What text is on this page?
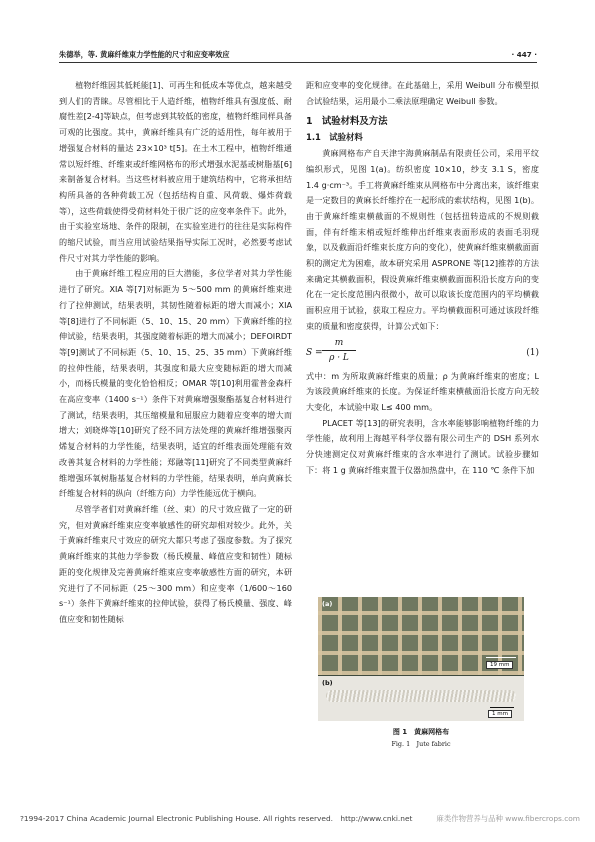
朱德举，等. 黄麻纤维束力学性能的尺寸和应变率效应	· 447 ·

植物纤维因其低耗能[1]、可再生和低成本等优点，越来越受到人们的青睐。尽管相比于人造纤维，植物纤维具有强度低、耐腐性差[2-4]等缺点，但考虑到其较低的密度，植物纤维同样具备可观的比强度。其中，黄麻纤维具有广泛的适用性，每年被用于增强复合材料的量达 23×10³ t[5]。在土木工程中，植物纤维通常以短纤维、纤维束或纤维网格布的形式增强水泥基或树脂基[6]来制备复合材料。当这些材料被应用于建筑结构中，它将承担结构所具备的各种荷载工况（包括结构自重、风荷载、爆炸荷载等），这些荷载使得受荷材料处于很广泛的应变率条件下。此外，由于实验室场地、条件的限制，在实验室进行的往往是实际构件的缩尺试验，而当应用试验结果指导实际工况时，必然要考虑试件尺寸对其力学性能的影响。

由于黄麻纤维工程应用的巨大潜能，多位学者对其力学性能进行了研究。XIA 等[7]对标距为 5～500 mm 的黄麻纤维束进行了拉伸测试，结果表明，其韧性随着标距的增大而减小；XIA 等[8]进行了不同标距（5、10、15、20 mm）下黄麻纤维的拉伸试验，结果表明，其强度随着标距的增大而减小；DEFOIRDT 等[9]测试了不同标距（5、10、15、25、35 mm）下黄麻纤维的拉伸性能，结果表明，其强度和最大应变随标距的增大而减小，而杨氏模量的变化恰恰相反；OMAR 等[10]利用霍普金森杆在高应变率（1400 s⁻¹）条件下对黄麻增强聚酯基复合材料进行了测试，结果表明，其压缩模量和屈服应力随着应变率的增大而增大；刘晓烨等[10]研究了经不同方法处理的黄麻纤维增强聚丙烯复合材料的力学性能，结果表明，适宜的纤维表面处理能有效改善其复合材料的力学性能；郑融等[11]研究了不同类型黄麻纤维增强环氧树脂基复合材料的力学性能，结果表明，单向黄麻长纤维复合材料的纵向（纤维方向）力学性能远优于横向。

尽管学者们对黄麻纤维（丝、束）的尺寸效应做了一定的研究，但对黄麻纤维束应变率敏感性的研究却相对较少。此外，关于黄麻纤维束尺寸效应的研究大都只考虑了强度参数。为了探究黄麻纤维束的其他力学参数（杨氏模量、峰值应变和韧性）随标距的变化规律及完善黄麻纤维束应变率敏感性方面的研究，本研究进行了不同标距（25～300 mm）和应变率（1/600～160 s⁻¹）条件下黄麻纤维束的拉伸试验，获得了杨氏模量、强度、峰值应变和韧性随标

距和应变率的变化规律。在此基础上，采用 Weibull 分布模型拟合试验结果，运用最小二乘法原理确定 Weibull 参数。

1　试验材料及方法
1.1　试验材料

黄麻网格布产自天津宇海黄麻制品有限责任公司，采用平纹编织形式，见图 1(a)。纺织密度 10×10，纱支 3.1 S，密度 1.4 g·cm⁻³。手工将黄麻纤维束从网格布中分离出来，该纤维束是一定数目的黄麻长纤维拧在一起形成的索状结构，见图 1(b)。由于黄麻纤维束横截面的不规则性（包括扭转造成的不规则截面，伴有纤维末梢或短纤维伸出纤维束表面形成的表面毛羽现象，以及截面沿纤维束长度方向的变化），使黄麻纤维束横截面面积的测定尤为困难，故本研究采用 ASPRONE 等[12]推荐的方法来确定其横截面积，假设黄麻纤维束横截面面积沿长度方向的变化在一定长度范围内很微小，故可以取该长度范围内的平均横截面积应用于试验，获取工程应力。平均横截面积可通过该段纤维束的质量和密度获得，计算公式如下：

S =
m
ρ · L	(1)

式中：m 为所取黄麻纤维束的质量；ρ 为黄麻纤维束的密度；L 为该段黄麻纤维束的长度。为保证纤维束横截面沿长度方向无较大变化，本试验中取 L≤ 400 mm。

PLACET 等[13]的研究表明，含水率能够影响植物纤维的力学性能，故利用上海越平科学仪器有限公司生产的 DSH 系列水分快速测定仪对黄麻纤维束的含水率进行了测试。试验步骤如下：将 1 g 黄麻纤维束置于仪器加热盘中，在 110 ℃ 条件下加

(a)
(b)
19 mm
1 mm
图 1　黄麻网格布
Fig. 1　Jute fabric
?1994-2017 China Academic Journal Electronic Publishing House. All rights reserved.　http://www.cnki.net	麻类作物营养与品种 www.fibercrops.com
